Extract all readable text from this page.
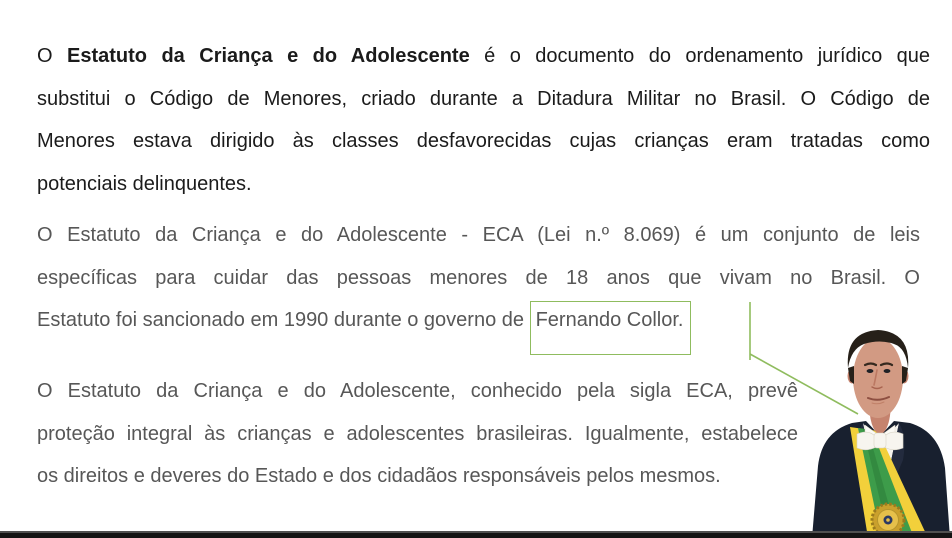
O Estatuto da Criança e do Adolescente é o documento do ordenamento jurídico que
substitui o Código de Menores, criado durante a Ditadura Militar no Brasil. O Código de
Menores estava dirigido às classes desfavorecidas cujas crianças eram tratadas como
potenciais delinquentes.
O Estatuto da Criança e do Adolescente - ECA (Lei n.º 8.069) é um conjunto de leis
específicas para cuidar das pessoas menores de 18 anos que vivam no Brasil. O
Estatuto foi sancionado em 1990 durante o governo de Fernando Collor.
O Estatuto da Criança e do Adolescente, conhecido pela sigla ECA, prevê
proteção integral às crianças e adolescentes brasileiras. Igualmente, estabelece
os direitos e deveres do Estado e dos cidadãos responsáveis pelos mesmos.
